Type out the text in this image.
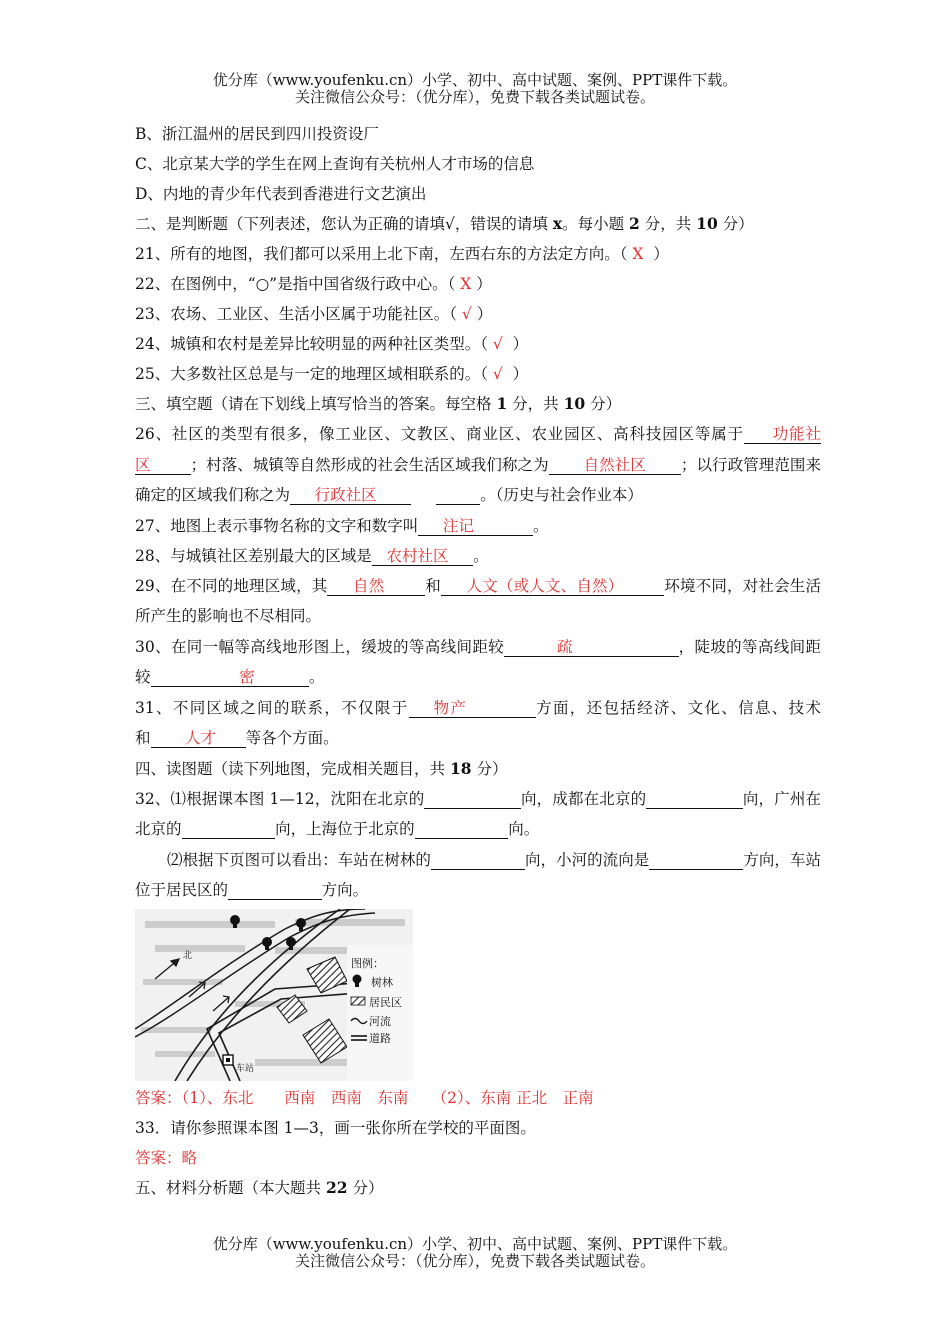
优分库（www.youfenku.cn）小学、初中、高中试题、案例、PPT课件下载。
关注微信公众号：（优分库），免费下载各类试题试卷。
B、浙江温州的居民到四川投资设厂
C、北京某大学的学生在网上查询有关杭州人才市场的信息
D、内地的青少年代表到香港进行文艺演出
二、是判断题（下列表述，您认为正确的请填√，错误的请填 x。每小题 2 分，共 10 分）
21、所有的地图，我们都可以采用上北下南，左西右东的方法定方向。（ X ）
22、在图例中，“○”是指中国省级行政中心。（ X ）
23、农场、工业区、生活小区属于功能社区。（ √ ）
24、城镇和农村是差异比较明显的两种社区类型。（ √ ）
25、大多数社区总是与一定的地理区域相联系的。（ √ ）
三、填空题（请在下划线上填写恰当的答案。每空格 1 分，共 10 分）
26、社区的类型有很多，像工业区、文教区、商业区、农业园区、高科技园区等属于 功能社区	；村落、城镇等自然形成的社会生活区域我们称之为 自然社区 ；以行政管理范围来确定的区域我们称之为 行政社区	。（历史与社会作业本）
27、地图上表示事物名称的文字和数字叫 注记	。
28、与城镇社区差别最大的区域是 农村社区 。
29、在不同的地理区域，其 自然	和 人文（或人文、自然）	环境不同，对社会生活所产生的影响也不尽相同。
30、在同一幅等高线地形图上，缓坡的等高线间距较	疏	，陡坡的等高线间距较	密	。
31、不同区域之间的联系，不仅限于 物产	方面，还包括经济、文化、信息、技术和 人才 等各个方面。
四、读图题（读下列地图，完成相关题目，共 18 分）
32、⑴根据课本图 1—12，沈阳在北京的	向，成都在北京的	向，广州在北京的	向，上海位于北京的	向。
⑵根据下页图可以看出：车站在树林的	向，小河的流向是	方向，车站位于居民区的	方向。
北
车站
图例：
树林
居民区
河流
道路
答案：（1）、东北　　西南　西南　东南　　（2）、东南 正北　正南
33．请你参照课本图 1—3，画一张你所在学校的平面图。
答案：略
五、材料分析题（本大题共 22 分）
优分库（www.youfenku.cn）小学、初中、高中试题、案例、PPT课件下载。
关注微信公众号：（优分库），免费下载各类试题试卷。
